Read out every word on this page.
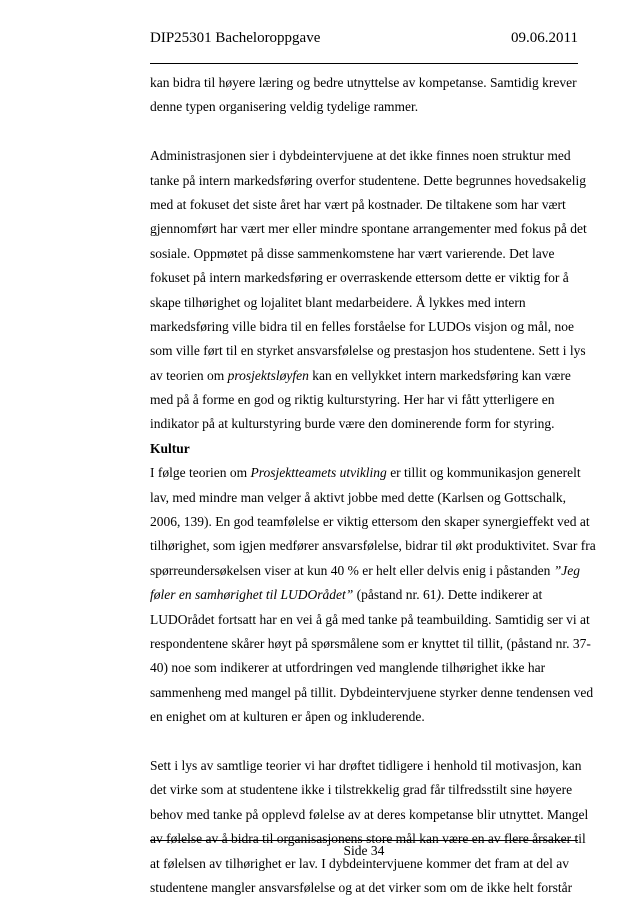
DIP25301 Bacheloroppgave	09.06.2011
kan bidra til høyere læring og bedre utnyttelse av kompetanse. Samtidig krever
denne typen organisering veldig tydelige rammer.
Administrasjonen sier i dybdeintervjuene at det ikke finnes noen struktur med
tanke på intern markedsføring overfor studentene. Dette begrunnes hovedsakelig
med at fokuset det siste året har vært på kostnader. De tiltakene som har vært
gjennomført har vært mer eller mindre spontane arrangementer med fokus på det
sosiale. Oppmøtet på disse sammenkomstene har vært varierende. Det lave
fokuset på intern markedsføring er overraskende ettersom dette er viktig for å
skape tilhørighet og lojalitet blant medarbeidere. Å lykkes med intern
markedsføring ville bidra til en felles forståelse for LUDOs visjon og mål, noe
som ville ført til en styrket ansvarsfølelse og prestasjon hos studentene. Sett i lys
av teorien om prosjektsløyfen kan en vellykket intern markedsføring kan være
med på å forme en god og riktig kulturstyring. Her har vi fått ytterligere en
indikator på at kulturstyring burde være den dominerende form for styring.
Kultur
I følge teorien om Prosjektteamets utvikling er tillit og kommunikasjon generelt
lav, med mindre man velger å aktivt jobbe med dette (Karlsen og Gottschalk,
2006, 139). En god teamfølelse er viktig ettersom den skaper synergieffekt ved at
tilhørighet, som igjen medfører ansvarsfølelse, bidrar til økt produktivitet. Svar fra
spørreundersøkelsen viser at kun 40 % er helt eller delvis enig i påstanden ”Jeg
føler en samhørighet til LUDOrådet” (påstand nr. 61). Dette indikerer at
LUDOrådet fortsatt har en vei å gå med tanke på teambuilding. Samtidig ser vi at
respondentene skårer høyt på spørsmålene som er knyttet til tillit, (påstand nr. 37-
40) noe som indikerer at utfordringen ved manglende tilhørighet ikke har
sammenheng med mangel på tillit. Dybdeintervjuene styrker denne tendensen ved
en enighet om at kulturen er åpen og inkluderende.
Sett i lys av samtlige teorier vi har drøftet tidligere i henhold til motivasjon, kan
det virke som at studentene ikke i tilstrekkelig grad får tilfredsstilt sine høyere
behov med tanke på opplevd følelse av at deres kompetanse blir utnyttet. Mangel
av følelse av å bidra til organisasjonens store mål kan være en av flere årsaker til
at følelsen av tilhørighet er lav. I dybdeintervjuene kommer det fram at del av
studentene mangler ansvarsfølelse og at det virker som om de ikke helt forstår
Side 34
